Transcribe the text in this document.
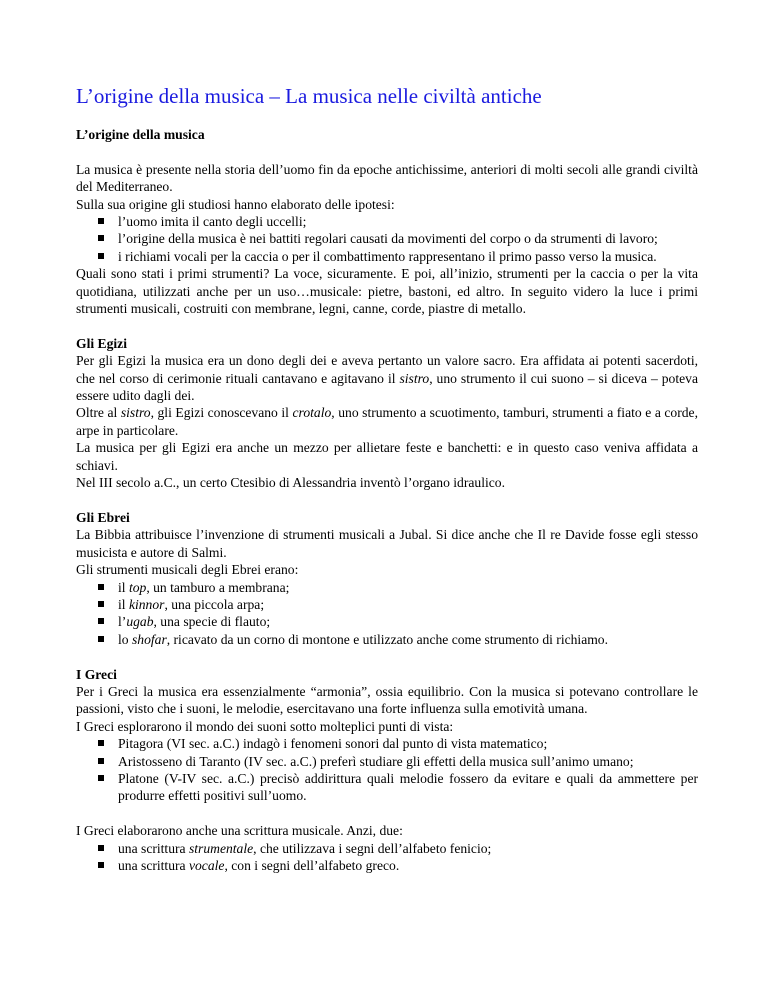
L’origine della musica – La musica nelle civiltà antiche
L’origine della musica

La musica è presente nella storia dell’uomo fin da epoche antichissime, anteriori di molti secoli alle grandi civiltà del Mediterraneo.

Sulla sua origine gli studiosi hanno elaborato delle ipotesi:

l’uomo imita il canto degli uccelli;
l’origine della musica è nei battiti regolari causati da movimenti del corpo o da strumenti di lavoro;
i richiami vocali per la caccia o per il combattimento rappresentano il primo passo verso la musica.

Quali sono stati i primi strumenti? La voce, sicuramente. E poi, all’inizio, strumenti per la caccia o per la vita quotidiana, utilizzati anche per un uso…musicale: pietre, bastoni, ed altro. In seguito videro la luce i primi strumenti musicali, costruiti con membrane, legni, canne, corde, piastre di metallo.

Gli Egizi

Per gli Egizi la musica era un dono degli dei e aveva pertanto un valore sacro. Era affidata ai potenti sacerdoti, che nel corso di cerimonie rituali cantavano e agitavano il sistro, uno strumento il cui suono – si diceva – poteva essere udito dagli dei.

Oltre al sistro, gli Egizi conoscevano il crotalo, uno strumento a scuotimento, tamburi, strumenti a fiato e a corde, arpe in particolare.

La musica per gli Egizi era anche un mezzo per allietare feste e banchetti: e in questo caso veniva affidata a schiavi.

Nel III secolo a.C., un certo Ctesibio di Alessandria inventò l’organo idraulico.

Gli Ebrei

La Bibbia attribuisce l’invenzione di strumenti musicali a Jubal. Si dice anche che Il re Davide fosse egli stesso musicista e autore di Salmi.

Gli strumenti musicali degli Ebrei erano:

il top, un tamburo a membrana;
il kinnor, una piccola arpa;
l’ugab, una specie di flauto;
lo shofar, ricavato da un corno di montone e utilizzato anche come strumento di richiamo.
I Greci

Per i Greci la musica era essenzialmente “armonia”, ossia equilibrio. Con la musica si potevano controllare le passioni, visto che i suoni, le melodie, esercitavano una forte influenza sulla emotività umana.

I Greci esplorarono il mondo dei suoni sotto molteplici punti di vista:

Pitagora (VI sec. a.C.) indagò i fenomeni sonori dal punto di vista matematico;
Aristosseno di Taranto (IV sec. a.C.) preferì studiare gli effetti della musica sull’animo umano;
Platone (V-IV sec. a.C.) precisò addirittura quali melodie fossero da evitare e quali da ammettere per produrre effetti positivi sull’uomo.

I Greci elaborarono anche una scrittura musicale. Anzi, due:

una scrittura strumentale, che utilizzava i segni dell’alfabeto fenicio;
una scrittura vocale, con i segni dell’alfabeto greco.
